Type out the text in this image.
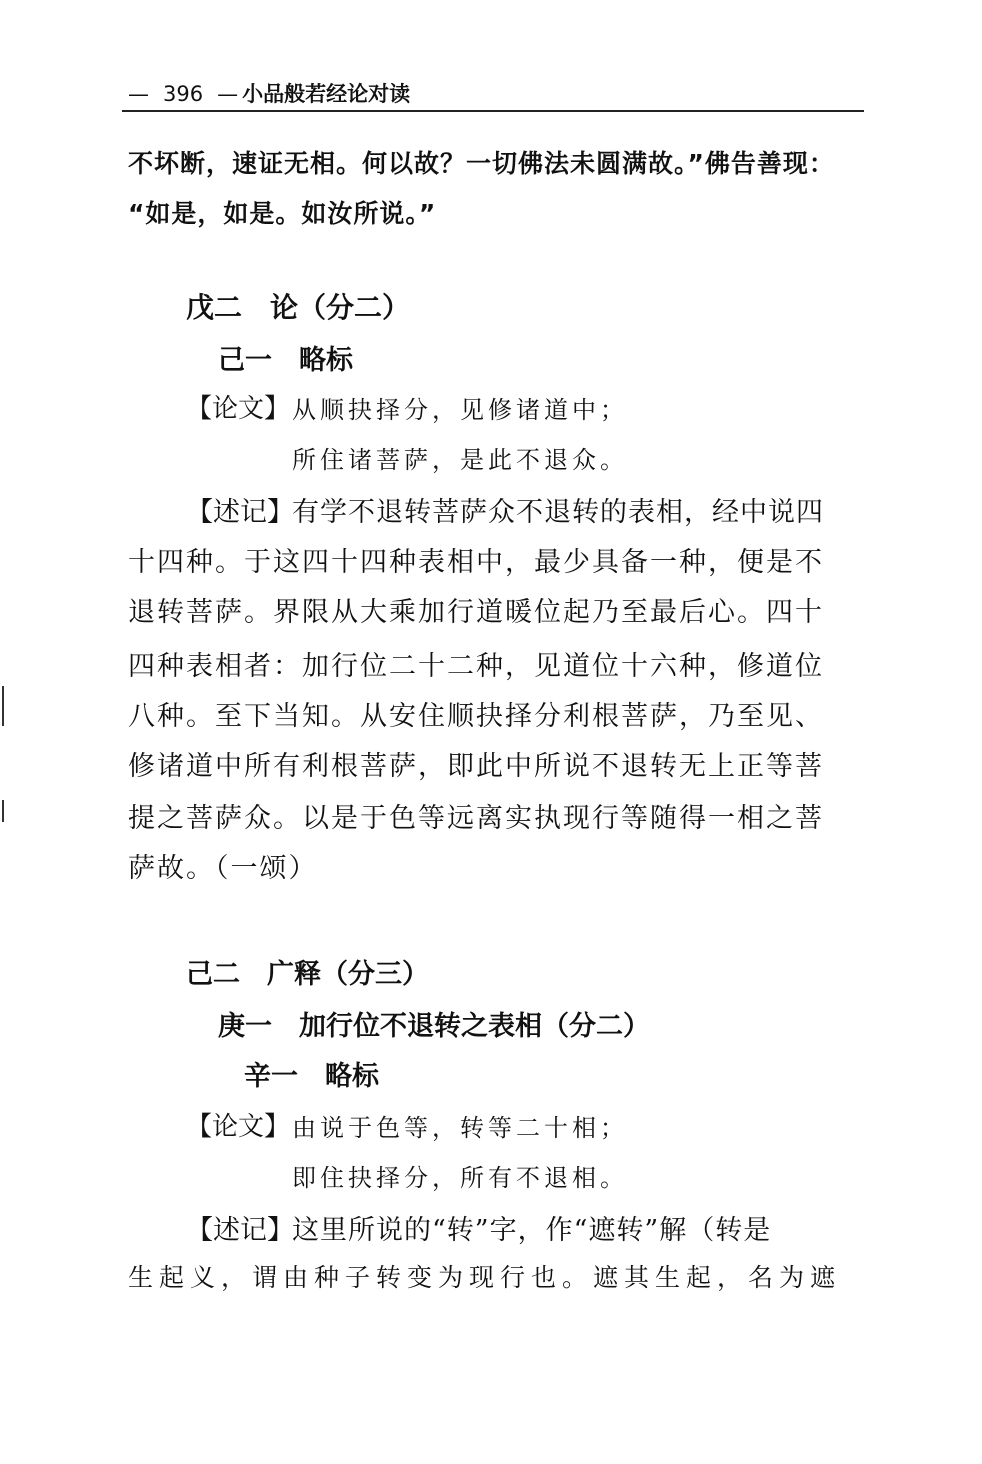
— 396 — 小品般若经论对读
不坏断，速证无相。何以故？一切佛法未圆满故。”佛告善现：
“如是，如是。如汝所说。”
戊二　论（分二）
己一　略标
【论文】 从顺抉择分，见修诸道中；
所住诸菩萨，是此不退众。
【述记】
有学不退转菩萨众不退转的表相，经中说四
十四种。于这四十四种表相中，最少具备一种，便是不
退转菩萨。界限从大乘加行道暖位起乃至最后心。四十
四种表相者：加行位二十二种，见道位十六种，修道位
八种。至下当知。从安住顺抉择分利根菩萨，乃至见、
修诸道中所有利根菩萨，即此中所说不退转无上正等菩
提之菩萨众。以是于色等远离实执现行等随得一相之菩
萨故。（一颂）
己二　广释（分三）
庚一　加行位不退转之表相（分二）
辛一　略标
【论文】 由说于色等，转等二十相；
即住抉择分，所有不退相。
【述记】
这里所说的“转”字，作“遮转”解（转是
生起义，谓由种子转变为现行也。遮其生起，名为遮
